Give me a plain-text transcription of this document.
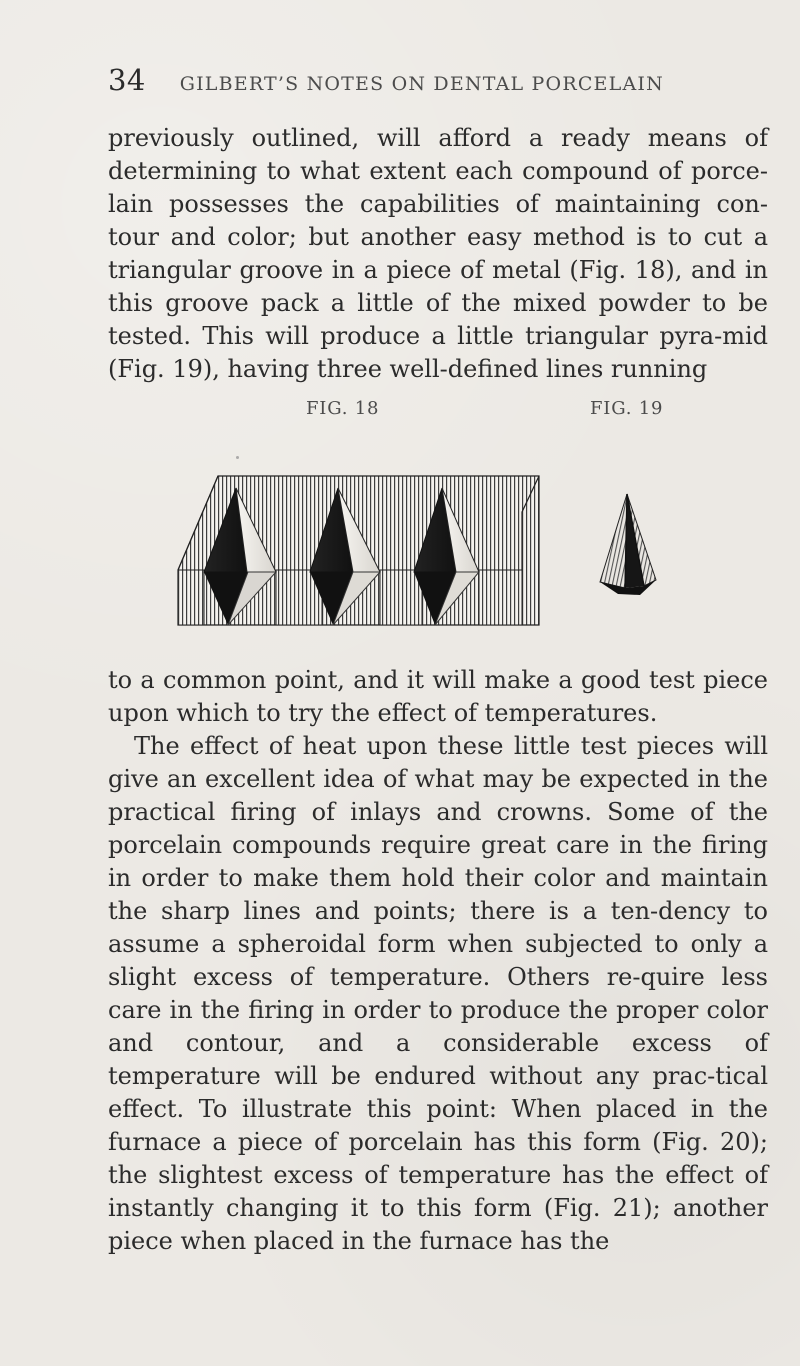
34 GILBERT’S NOTES ON DENTAL PORCELAIN

previously outlined, will afford a ready means of determining to what extent each compound of porce-lain possesses the capabilities of maintaining con-tour and color; but another easy method is to cut a triangular groove in a piece of metal (Fig. 18), and in this groove pack a little of the mixed powder to be tested. This will produce a little triangular pyra-mid (Fig. 19), having three well-defined lines running

FIG. 18	FIG. 19

to a common point, and it will make a good test piece upon which to try the effect of temperatures.

The effect of heat upon these little test pieces will give an excellent idea of what may be expected in the practical firing of inlays and crowns. Some of the porcelain compounds require great care in the firing in order to make them hold their color and maintain the sharp lines and points; there is a ten-dency to assume a spheroidal form when subjected to only a slight excess of temperature. Others re-quire less care in the firing in order to produce the proper color and contour, and a considerable excess of temperature will be endured without any prac-tical effect. To illustrate this point: When placed in the furnace a piece of porcelain has this form (Fig. 20); the slightest excess of temperature has the effect of instantly changing it to this form (Fig. 21); another piece when placed in the furnace has the
